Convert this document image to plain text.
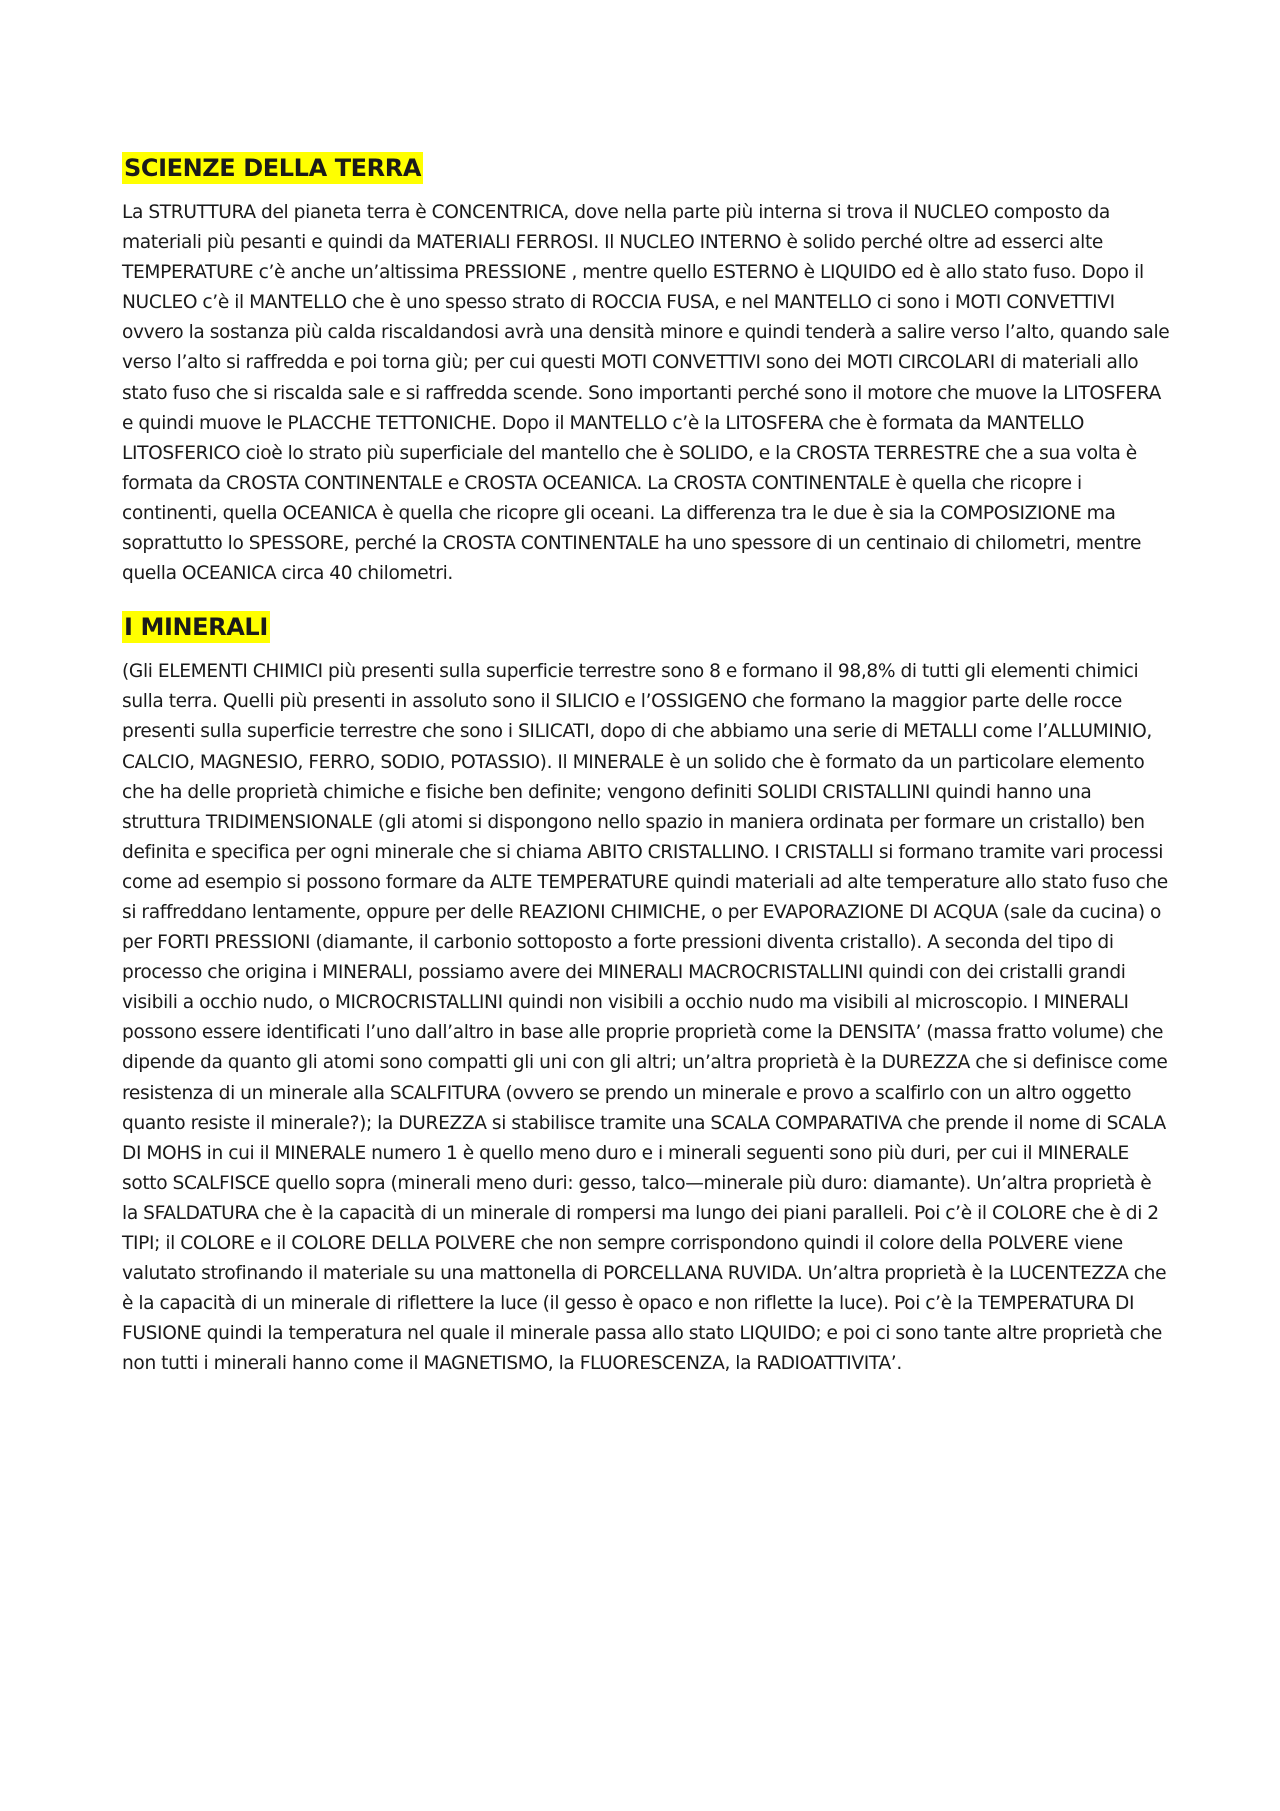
SCIENZE DELLA TERRA

La STRUTTURA del pianeta terra è CONCENTRICA, dove nella parte più interna si trova il NUCLEO composto da materiali più pesanti e quindi da MATERIALI FERROSI. Il NUCLEO INTERNO è solido perché oltre ad esserci alte TEMPERATURE c’è anche un’altissima PRESSIONE , mentre quello ESTERNO è LIQUIDO ed è allo stato fuso. Dopo il NUCLEO c’è il MANTELLO che è uno spesso strato di ROCCIA FUSA, e nel MANTELLO ci sono i MOTI CONVETTIVI ovvero la sostanza più calda riscaldandosi avrà una densità minore e quindi tenderà a salire verso l’alto, quando sale verso l’alto si raffredda e poi torna giù; per cui questi MOTI CONVETTIVI sono dei MOTI CIRCOLARI di materiali allo stato fuso che si riscalda sale e si raffredda scende. Sono importanti perché sono il motore che muove la LITOSFERA e quindi muove le PLACCHE TETTONICHE. Dopo il MANTELLO c’è la LITOSFERA che è formata da MANTELLO LITOSFERICO cioè lo strato più superficiale del mantello che è SOLIDO, e la CROSTA TERRESTRE che a sua volta è formata da CROSTA CONTINENTALE e CROSTA OCEANICA. La CROSTA CONTINENTALE è quella che ricopre i continenti, quella OCEANICA è quella che ricopre gli oceani. La differenza tra le due è sia la COMPOSIZIONE ma soprattutto lo SPESSORE, perché la CROSTA CONTINENTALE ha uno spessore di un centinaio di chilometri, mentre quella OCEANICA circa 40 chilometri.

I MINERALI

(Gli ELEMENTI CHIMICI più presenti sulla superficie terrestre sono 8 e formano il 98,8% di tutti gli elementi chimici sulla terra. Quelli più presenti in assoluto sono il SILICIO e l’OSSIGENO che formano la maggior parte delle rocce presenti sulla superficie terrestre che sono i SILICATI, dopo di che abbiamo una serie di METALLI come l’ALLUMINIO, CALCIO, MAGNESIO, FERRO, SODIO, POTASSIO). Il MINERALE è un solido che è formato da un particolare elemento che ha delle proprietà chimiche e fisiche ben definite; vengono definiti SOLIDI CRISTALLINI quindi hanno una struttura TRIDIMENSIONALE (gli atomi si dispongono nello spazio in maniera ordinata per formare un cristallo) ben definita e specifica per ogni minerale che si chiama ABITO CRISTALLINO. I CRISTALLI si formano tramite vari processi come ad esempio si possono formare da ALTE TEMPERATURE quindi materiali ad alte temperature allo stato fuso che si raffreddano lentamente, oppure per delle REAZIONI CHIMICHE, o per EVAPORAZIONE DI ACQUA (sale da cucina) o per FORTI PRESSIONI (diamante, il carbonio sottoposto a forte pressioni diventa cristallo). A seconda del tipo di processo che origina i MINERALI, possiamo avere dei MINERALI MACROCRISTALLINI quindi con dei cristalli grandi visibili a occhio nudo, o MICROCRISTALLINI quindi non visibili a occhio nudo ma visibili al microscopio. I MINERALI possono essere identificati l’uno dall’altro in base alle proprie proprietà come la DENSITA’ (massa fratto volume) che dipende da quanto gli atomi sono compatti gli uni con gli altri; un’altra proprietà è la DUREZZA che si definisce come resistenza di un minerale alla SCALFITURA (ovvero se prendo un minerale e provo a scalfirlo con un altro oggetto quanto resiste il minerale?); la DUREZZA si stabilisce tramite una SCALA COMPARATIVA che prende il nome di SCALA DI MOHS in cui il MINERALE numero 1 è quello meno duro e i minerali seguenti sono più duri, per cui il MINERALE sotto SCALFISCE quello sopra (minerali meno duri: gesso, talco—minerale più duro: diamante). Un’altra proprietà è la SFALDATURA che è la capacità di un minerale di rompersi ma lungo dei piani paralleli. Poi c’è il COLORE che è di 2 TIPI; il COLORE e il COLORE DELLA POLVERE che non sempre corrispondono quindi il colore della POLVERE viene valutato strofinando il materiale su una mattonella di PORCELLANA RUVIDA. Un’altra proprietà è la LUCENTEZZA che è la capacità di un minerale di riflettere la luce (il gesso è opaco e non riflette la luce). Poi c’è la TEMPERATURA DI FUSIONE quindi la temperatura nel quale il minerale passa allo stato LIQUIDO; e poi ci sono tante altre proprietà che non tutti i minerali hanno come il MAGNETISMO, la FLUORESCENZA, la RADIOATTIVITA’.
